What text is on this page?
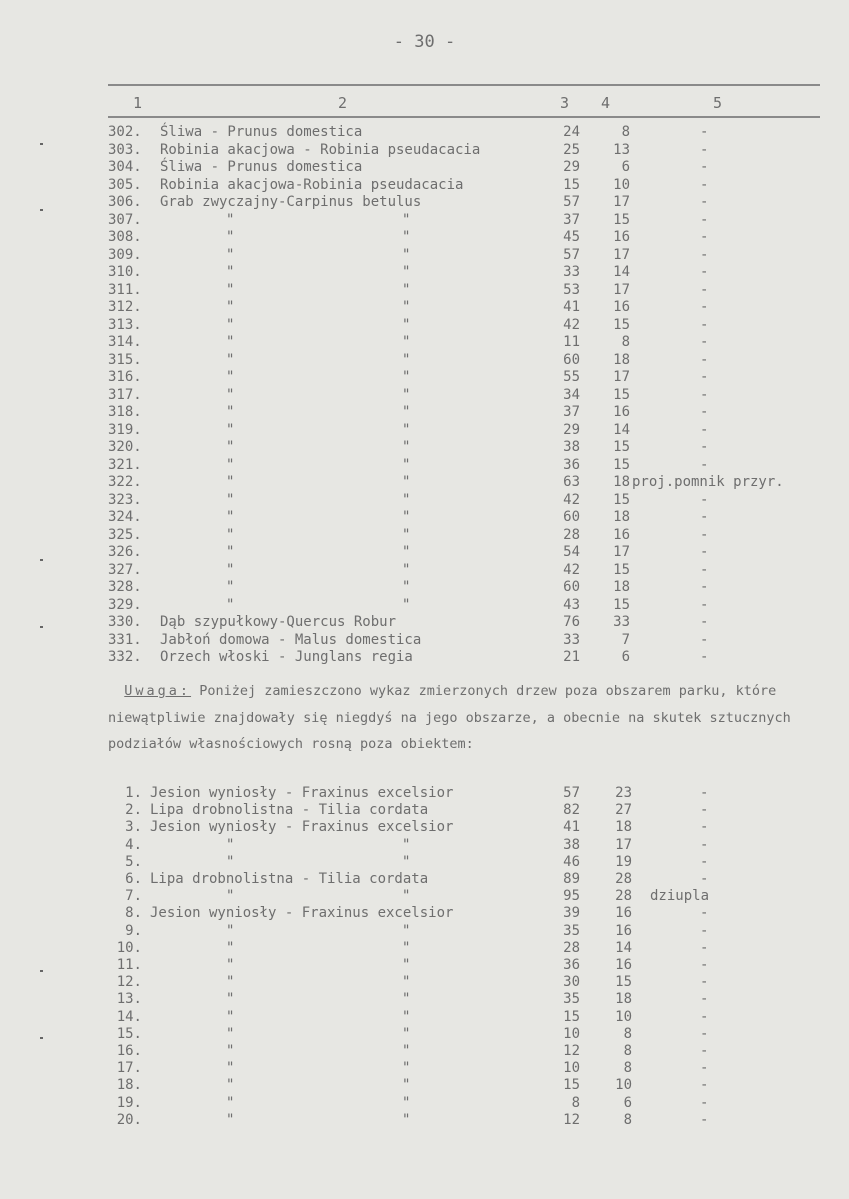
- 30 -
1	2	3 4	5
302. Śliwa - Prunus domestica	24	8	-
303. Robinia akacjowa - Robinia pseudacacia	25	13	-
304. Śliwa - Prunus domestica	29	6	-
305. Robinia akacjowa-Robinia pseudacacia	15	10	-
306. Grab zwyczajny-Carpinus betulus	57	17	-
307.	"	"	37	15	-
308.	"	"	45	16	-
309.	"	"	57	17	-
310.	"	"	33	14	-
311.	"	"	53	17	-
312.	"	"	41	16	-
313.	"	"	42	15	-
314.	"	"	11	8	-
315.	"	"	60	18	-
316.	"	"	55	17	-
317.	"	"	34	15	-
318.	"	"	37	16	-
319.	"	"	29	14	-
320.	"	"	38	15	-
321.	"	"	36	15	-
322.	"	"	63	18 proj.pomnik przyr.
323.	"	"	42	15	-
324.	"	"	60	18	-
325.	"	"	28	16	-
326.	"	"	54	17	-
327.	"	"	42	15	-
328.	"	"	60	18	-
329.	"	"	43	15	-
330. Dąb szypułkowy-Quercus Robur	76	33	-
331. Jabłoń domowa - Malus domestica	33	7	-
332. Orzech włoski - Junglans regia	21	6	-
Uwaga: Poniżej zamieszczono wykaz zmierzonych drzew poza obszarem parku, które niewątpliwie znajdowały się niegdyś na jego obszarze, a obecnie na skutek sztucznych podziałów własnościowych rosną poza obiektem:
1. Jesion wyniosły - Fraxinus excelsior	57	23	-
2. Lipa drobnolistna - Tilia cordata	82	27	-
3. Jesion wyniosły - Fraxinus excelsior	41	18	-
4.	"	"	38	17	-
5.	"	"	46	19	-
6. Lipa drobnolistna - Tilia cordata	89	28	-
7.	"	"	95	28 dziupla
8. Jesion wyniosły - Fraxinus excelsior	39	16	-
9.	"	"	35	16	-
10.	"	"	28	14	-
11.	"	"	36	16	-
12.	"	"	30	15	-
13.	"	"	35	18	-
14.	"	"	15	10	-
15.	"	"	10	8	-
16.	"	"	12	8	-
17.	"	"	10	8	-
18.	"	"	15	10	-
19.	"	"	8	6	-
20.	"	"	12	8	-
